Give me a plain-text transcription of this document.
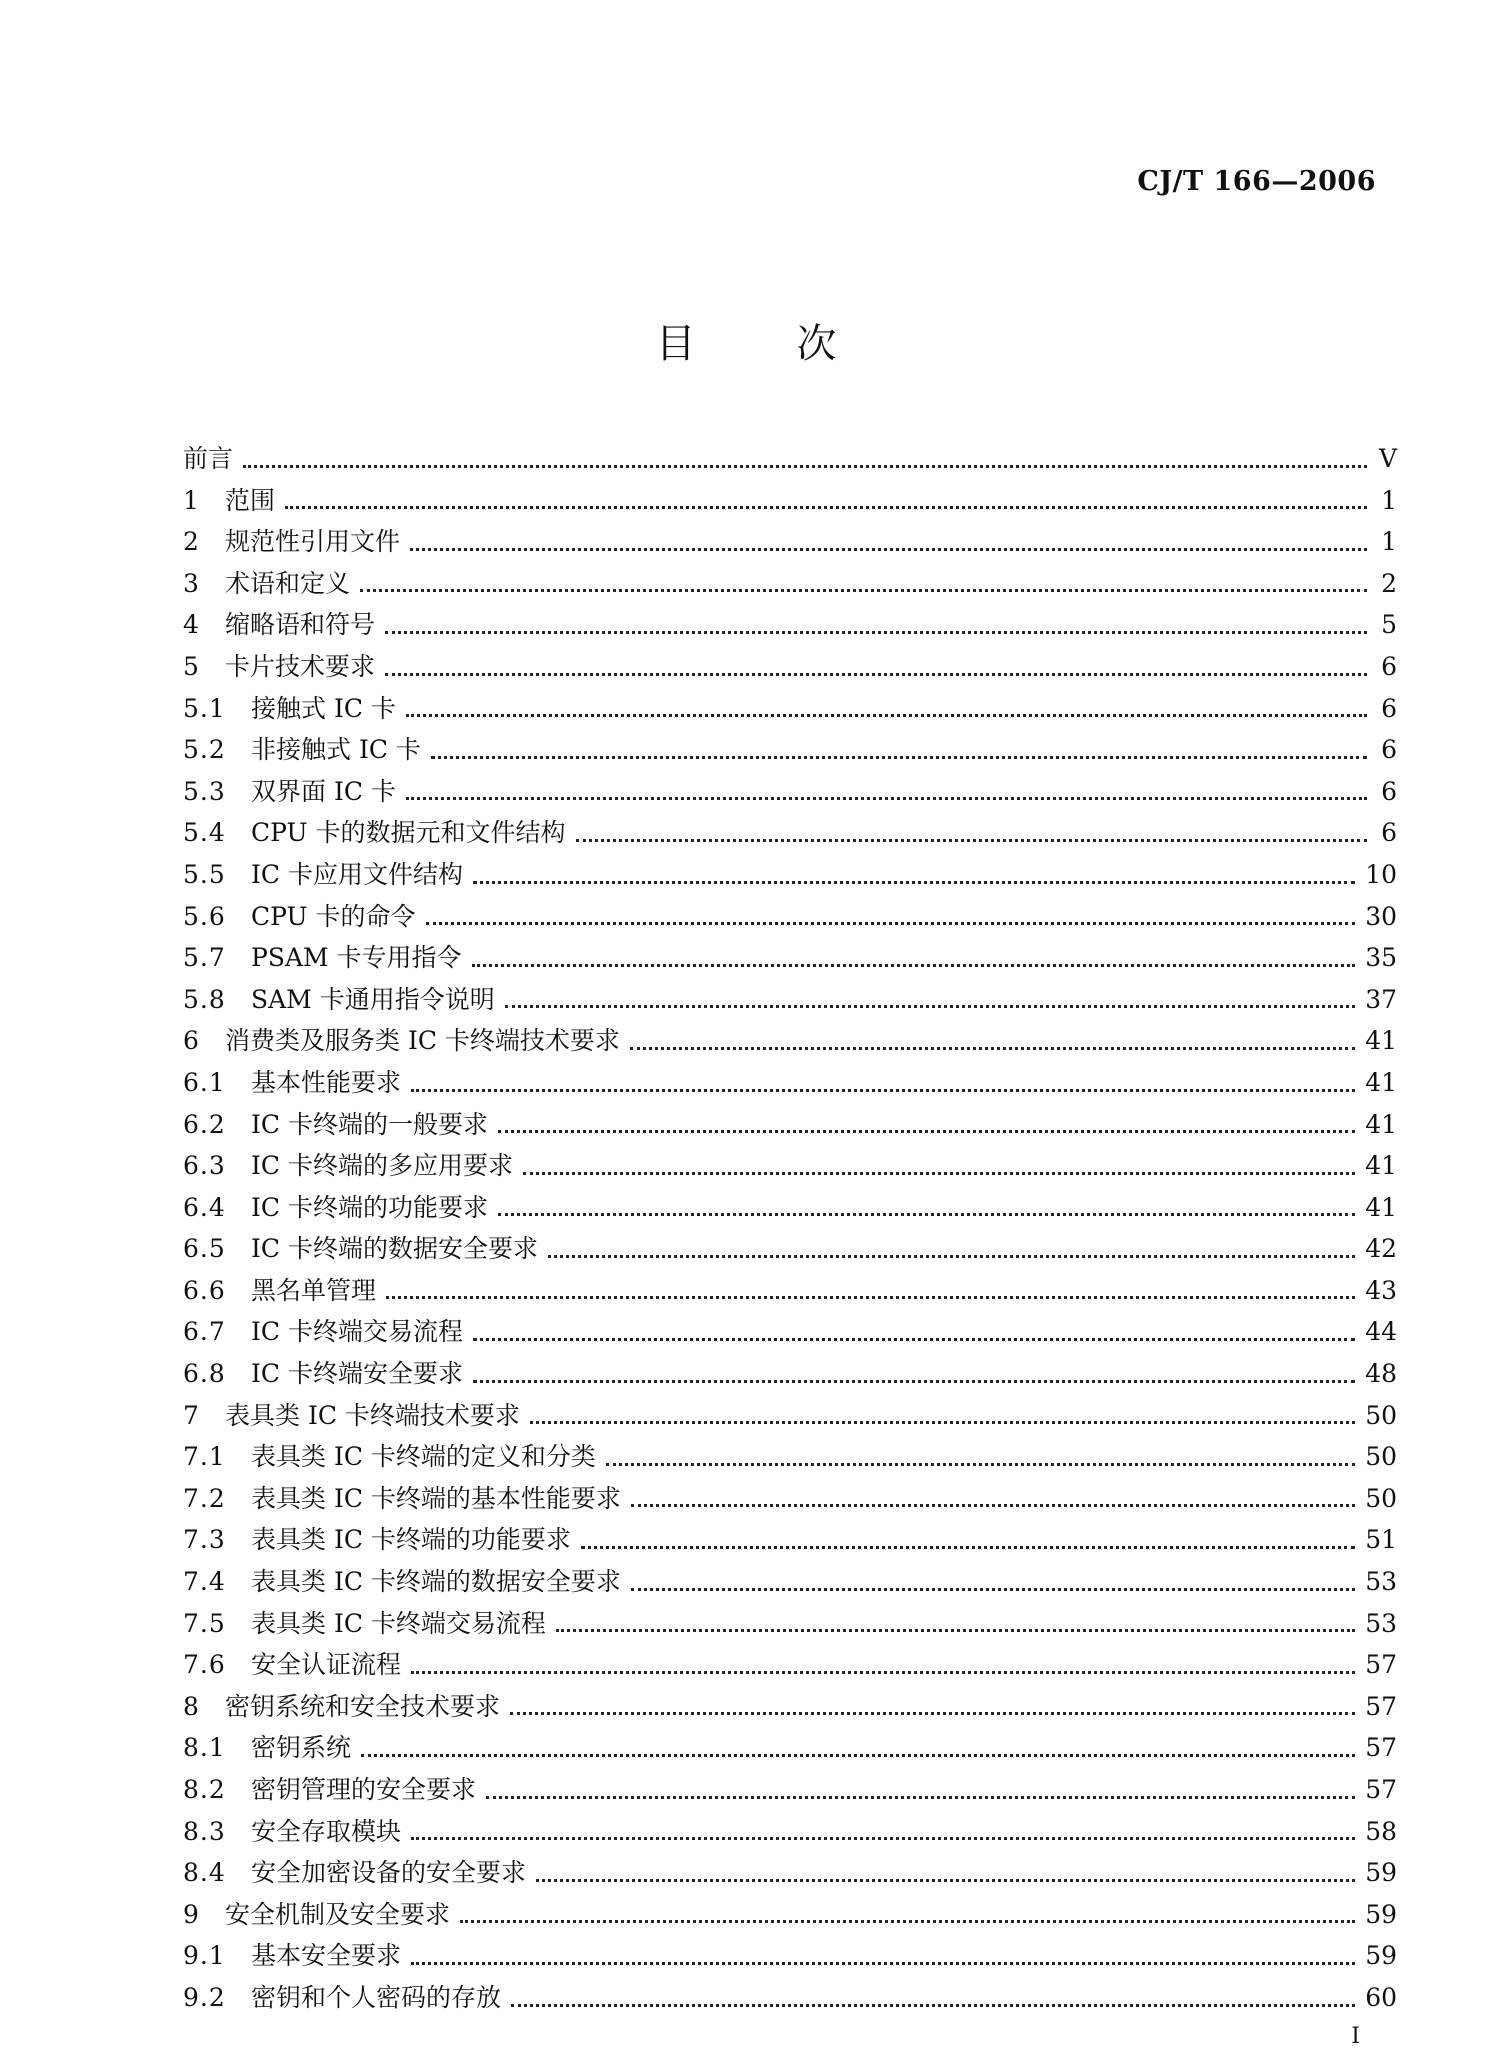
CJ/T 166—2006
目 次
前言	V
1	范围	1
2	规范性引用文件	1
3	术语和定义	2
4	缩略语和符号	5
5	卡片技术要求	6
5.1	接触式 IC 卡	6
5.2	非接触式 IC 卡	6
5.3	双界面 IC 卡	6
5.4	CPU 卡的数据元和文件结构	6
5.5	IC 卡应用文件结构	10
5.6	CPU 卡的命令	30
5.7	PSAM 卡专用指令	35
5.8	SAM 卡通用指令说明	37
6	消费类及服务类 IC 卡终端技术要求	41
6.1	基本性能要求	41
6.2	IC 卡终端的一般要求	41
6.3	IC 卡终端的多应用要求	41
6.4	IC 卡终端的功能要求	41
6.5	IC 卡终端的数据安全要求	42
6.6	黑名单管理	43
6.7	IC 卡终端交易流程	44
6.8	IC 卡终端安全要求	48
7	表具类 IC 卡终端技术要求	50
7.1	表具类 IC 卡终端的定义和分类	50
7.2	表具类 IC 卡终端的基本性能要求	50
7.3	表具类 IC 卡终端的功能要求	51
7.4	表具类 IC 卡终端的数据安全要求	53
7.5	表具类 IC 卡终端交易流程	53
7.6	安全认证流程	57
8	密钥系统和安全技术要求	57
8.1	密钥系统	57
8.2	密钥管理的安全要求	57
8.3	安全存取模块	58
8.4	安全加密设备的安全要求	59
9	安全机制及安全要求	59
9.1	基本安全要求	59
9.2	密钥和个人密码的存放	60
I
